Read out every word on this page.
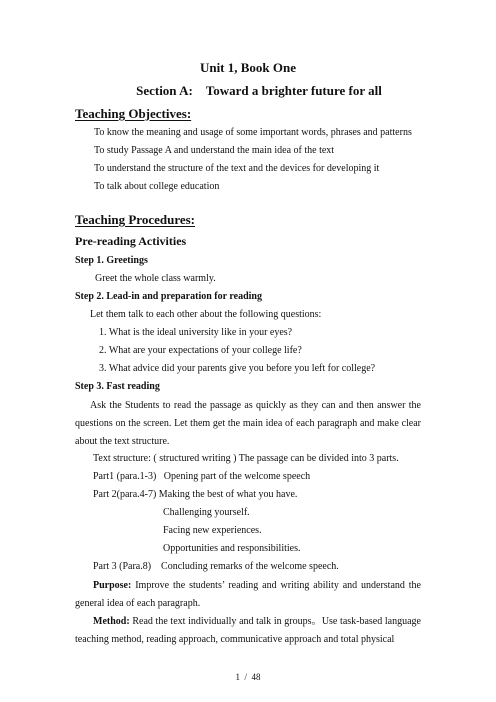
Unit 1, Book One
Section A:    Toward a brighter future for all
Teaching Objectives:
To know the meaning and usage of some important words, phrases and patterns
To study Passage A and understand the main idea of the text
To understand the structure of the text and the devices for developing it
To talk about college education
Teaching Procedures:
Pre-reading Activities
Step 1. Greetings
Greet the whole class warmly.
Step 2. Lead-in and preparation for reading
Let them talk to each other about the following questions:
1. What is the ideal university like in your eyes?
2. What are your expectations of your college life?
3. What advice did your parents give you before you left for college?
Step 3. Fast reading
Ask the Students to read the passage as quickly as they can and then answer the questions on the screen. Let them get the main idea of each paragraph and make clear about the text structure.
Text structure: ( structured writing ) The passage can be divided into 3 parts.
Part1 (para.1-3)   Opening part of the welcome speech
Part 2(para.4-7) Making the best of what you have.
Challenging yourself.
Facing new experiences.
Opportunities and responsibilities.
Part 3 (Para.8)    Concluding remarks of the welcome speech.
Purpose: Improve the students’ reading and writing ability and understand the general idea of each paragraph.
Method: Read the text individually and talk in groups。Use task-based language teaching method, reading approach, communicative approach and total physical
1  /  48
